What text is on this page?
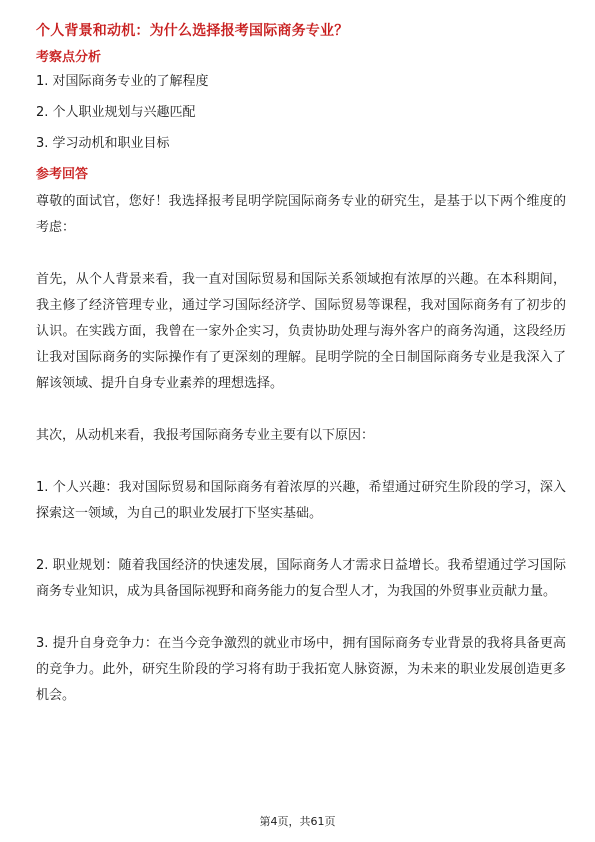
个人背景和动机：为什么选择报考国际商务专业？
考察点分析
1. 对国际商务专业的了解程度
2. 个人职业规划与兴趣匹配
3. 学习动机和职业目标
参考回答

尊敬的面试官，您好！我选择报考昆明学院国际商务专业的研究生，是基于以下两个维度的考虑：

首先，从个人背景来看，我一直对国际贸易和国际关系领域抱有浓厚的兴趣。在本科期间，我主修了经济管理专业，通过学习国际经济学、国际贸易等课程，我对国际商务有了初步的认识。在实践方面，我曾在一家外企实习，负责协助处理与海外客户的商务沟通，这段经历让我对国际商务的实际操作有了更深刻的理解。昆明学院的全日制国际商务专业是我深入了解该领域、提升自身专业素养的理想选择。

其次，从动机来看，我报考国际商务专业主要有以下原因：

1. 个人兴趣：我对国际贸易和国际商务有着浓厚的兴趣，希望通过研究生阶段的学习，深入探索这一领域，为自己的职业发展打下坚实基础。

2. 职业规划：随着我国经济的快速发展，国际商务人才需求日益增长。我希望通过学习国际商务专业知识，成为具备国际视野和商务能力的复合型人才，为我国的外贸事业贡献力量。

3. 提升自身竞争力：在当今竞争激烈的就业市场中，拥有国际商务专业背景的我将具备更高的竞争力。此外，研究生阶段的学习将有助于我拓宽人脉资源，为未来的职业发展创造更多机会。

第4页，共61页
